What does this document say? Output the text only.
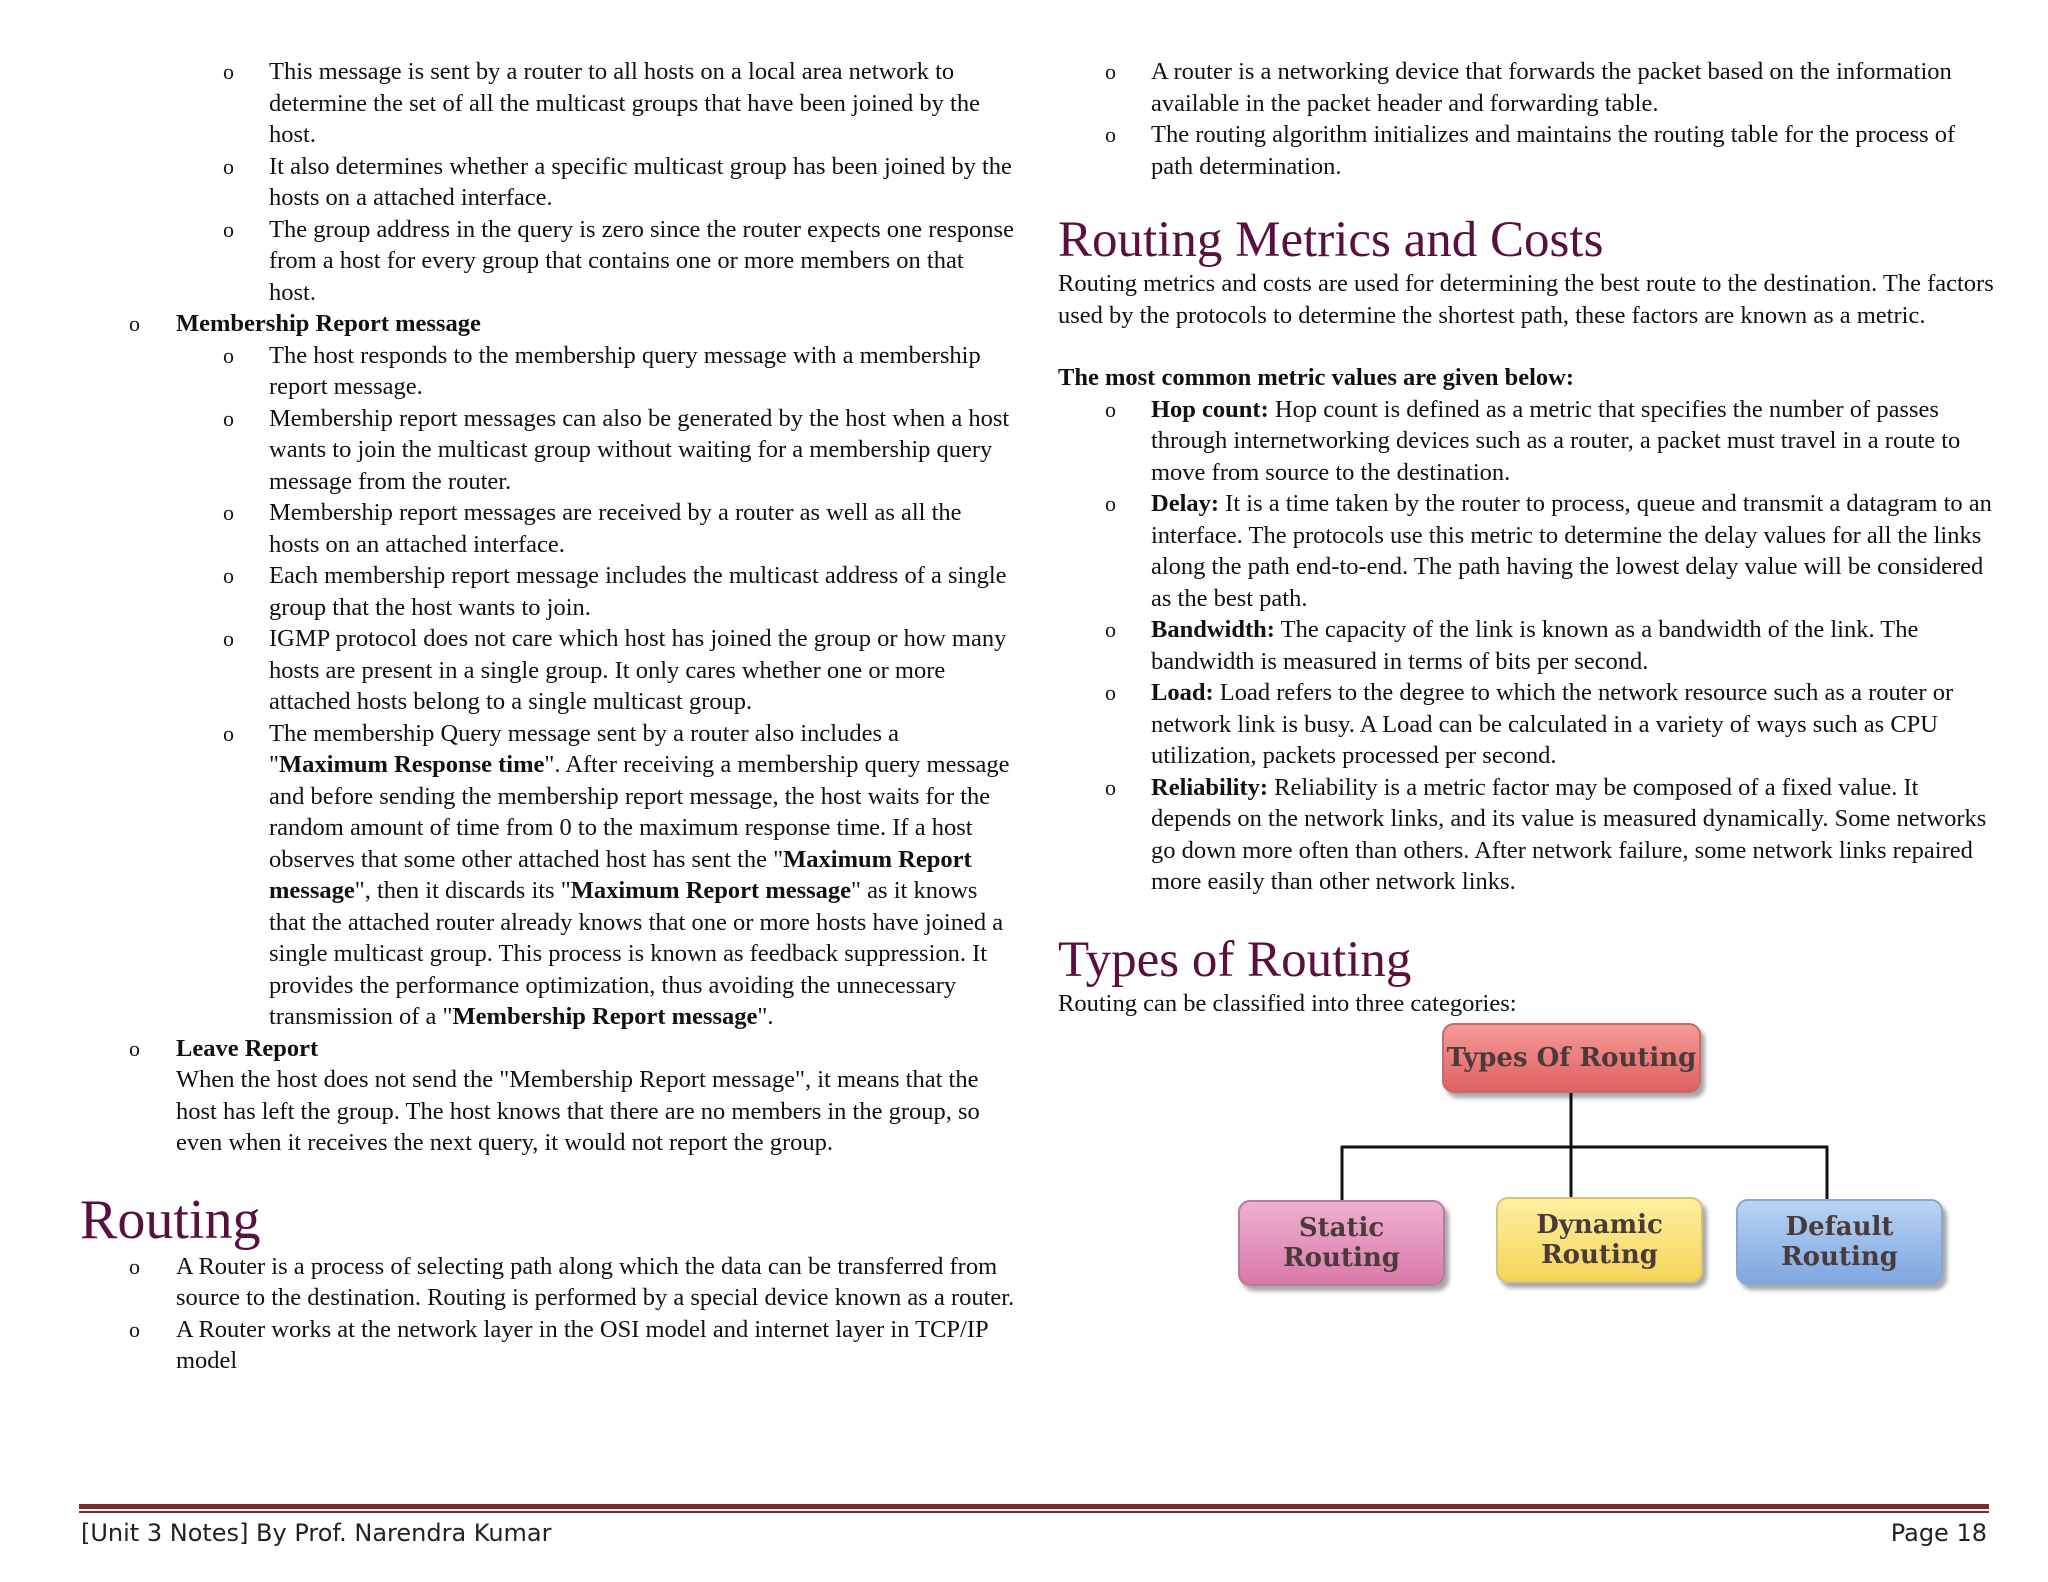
o This message is sent by a router to all hosts on a local area network to determine the set of all the multicast groups that have been joined by the host.
o It also determines whether a specific multicast group has been joined by the hosts on a attached interface.
o The group address in the query is zero since the router expects one response from a host for every group that contains one or more members on that host.
o Membership Report message
o The host responds to the membership query message with a membership report message.
o Membership report messages can also be generated by the host when a host wants to join the multicast group without waiting for a membership query message from the router.
o Membership report messages are received by a router as well as all the hosts on an attached interface.
o Each membership report message includes the multicast address of a single group that the host wants to join.
o IGMP protocol does not care which host has joined the group or how many hosts are present in a single group. It only cares whether one or more attached hosts belong to a single multicast group.
o The membership Query message sent by a router also includes a "Maximum Response time". After receiving a membership query message and before sending the membership report message, the host waits for the random amount of time from 0 to the maximum response time. If a host observes that some other attached host has sent the "Maximum Report message", then it discards its "Maximum Report message" as it knows that the attached router already knows that one or more hosts have joined a single multicast group. This process is known as feedback suppression. It provides the performance optimization, thus avoiding the unnecessary transmission of a "Membership Report message".
o Leave Report
When the host does not send the "Membership Report message", it means that the host has left the group. The host knows that there are no members in the group, so even when it receives the next query, it would not report the group.
Routing
o A Router is a process of selecting path along which the data can be transferred from source to the destination. Routing is performed by a special device known as a router.
o A Router works at the network layer in the OSI model and internet layer in TCP/IP model
o A router is a networking device that forwards the packet based on the information available in the packet header and forwarding table.
o The routing algorithm initializes and maintains the routing table for the process of path determination.
Routing Metrics and Costs
Routing metrics and costs are used for determining the best route to the destination. The factors used by the protocols to determine the shortest path, these factors are known as a metric.
The most common metric values are given below:
o Hop count: Hop count is defined as a metric that specifies the number of passes through internetworking devices such as a router, a packet must travel in a route to move from source to the destination.
o Delay: It is a time taken by the router to process, queue and transmit a datagram to an interface. The protocols use this metric to determine the delay values for all the links along the path end-to-end. The path having the lowest delay value will be considered as the best path.
o Bandwidth: The capacity of the link is known as a bandwidth of the link. The bandwidth is measured in terms of bits per second.
o Load: Load refers to the degree to which the network resource such as a router or network link is busy. A Load can be calculated in a variety of ways such as CPU utilization, packets processed per second.
o Reliability: Reliability is a metric factor may be composed of a fixed value. It depends on the network links, and its value is measured dynamically. Some networks go down more often than others. After network failure, some network links repaired more easily than other network links.
Types of Routing
Routing can be classified into three categories:
Types Of Routing
Static
Routing
Dynamic
Routing
Default
Routing
[Unit 3 Notes] By Prof. Narendra Kumar	Page 18
